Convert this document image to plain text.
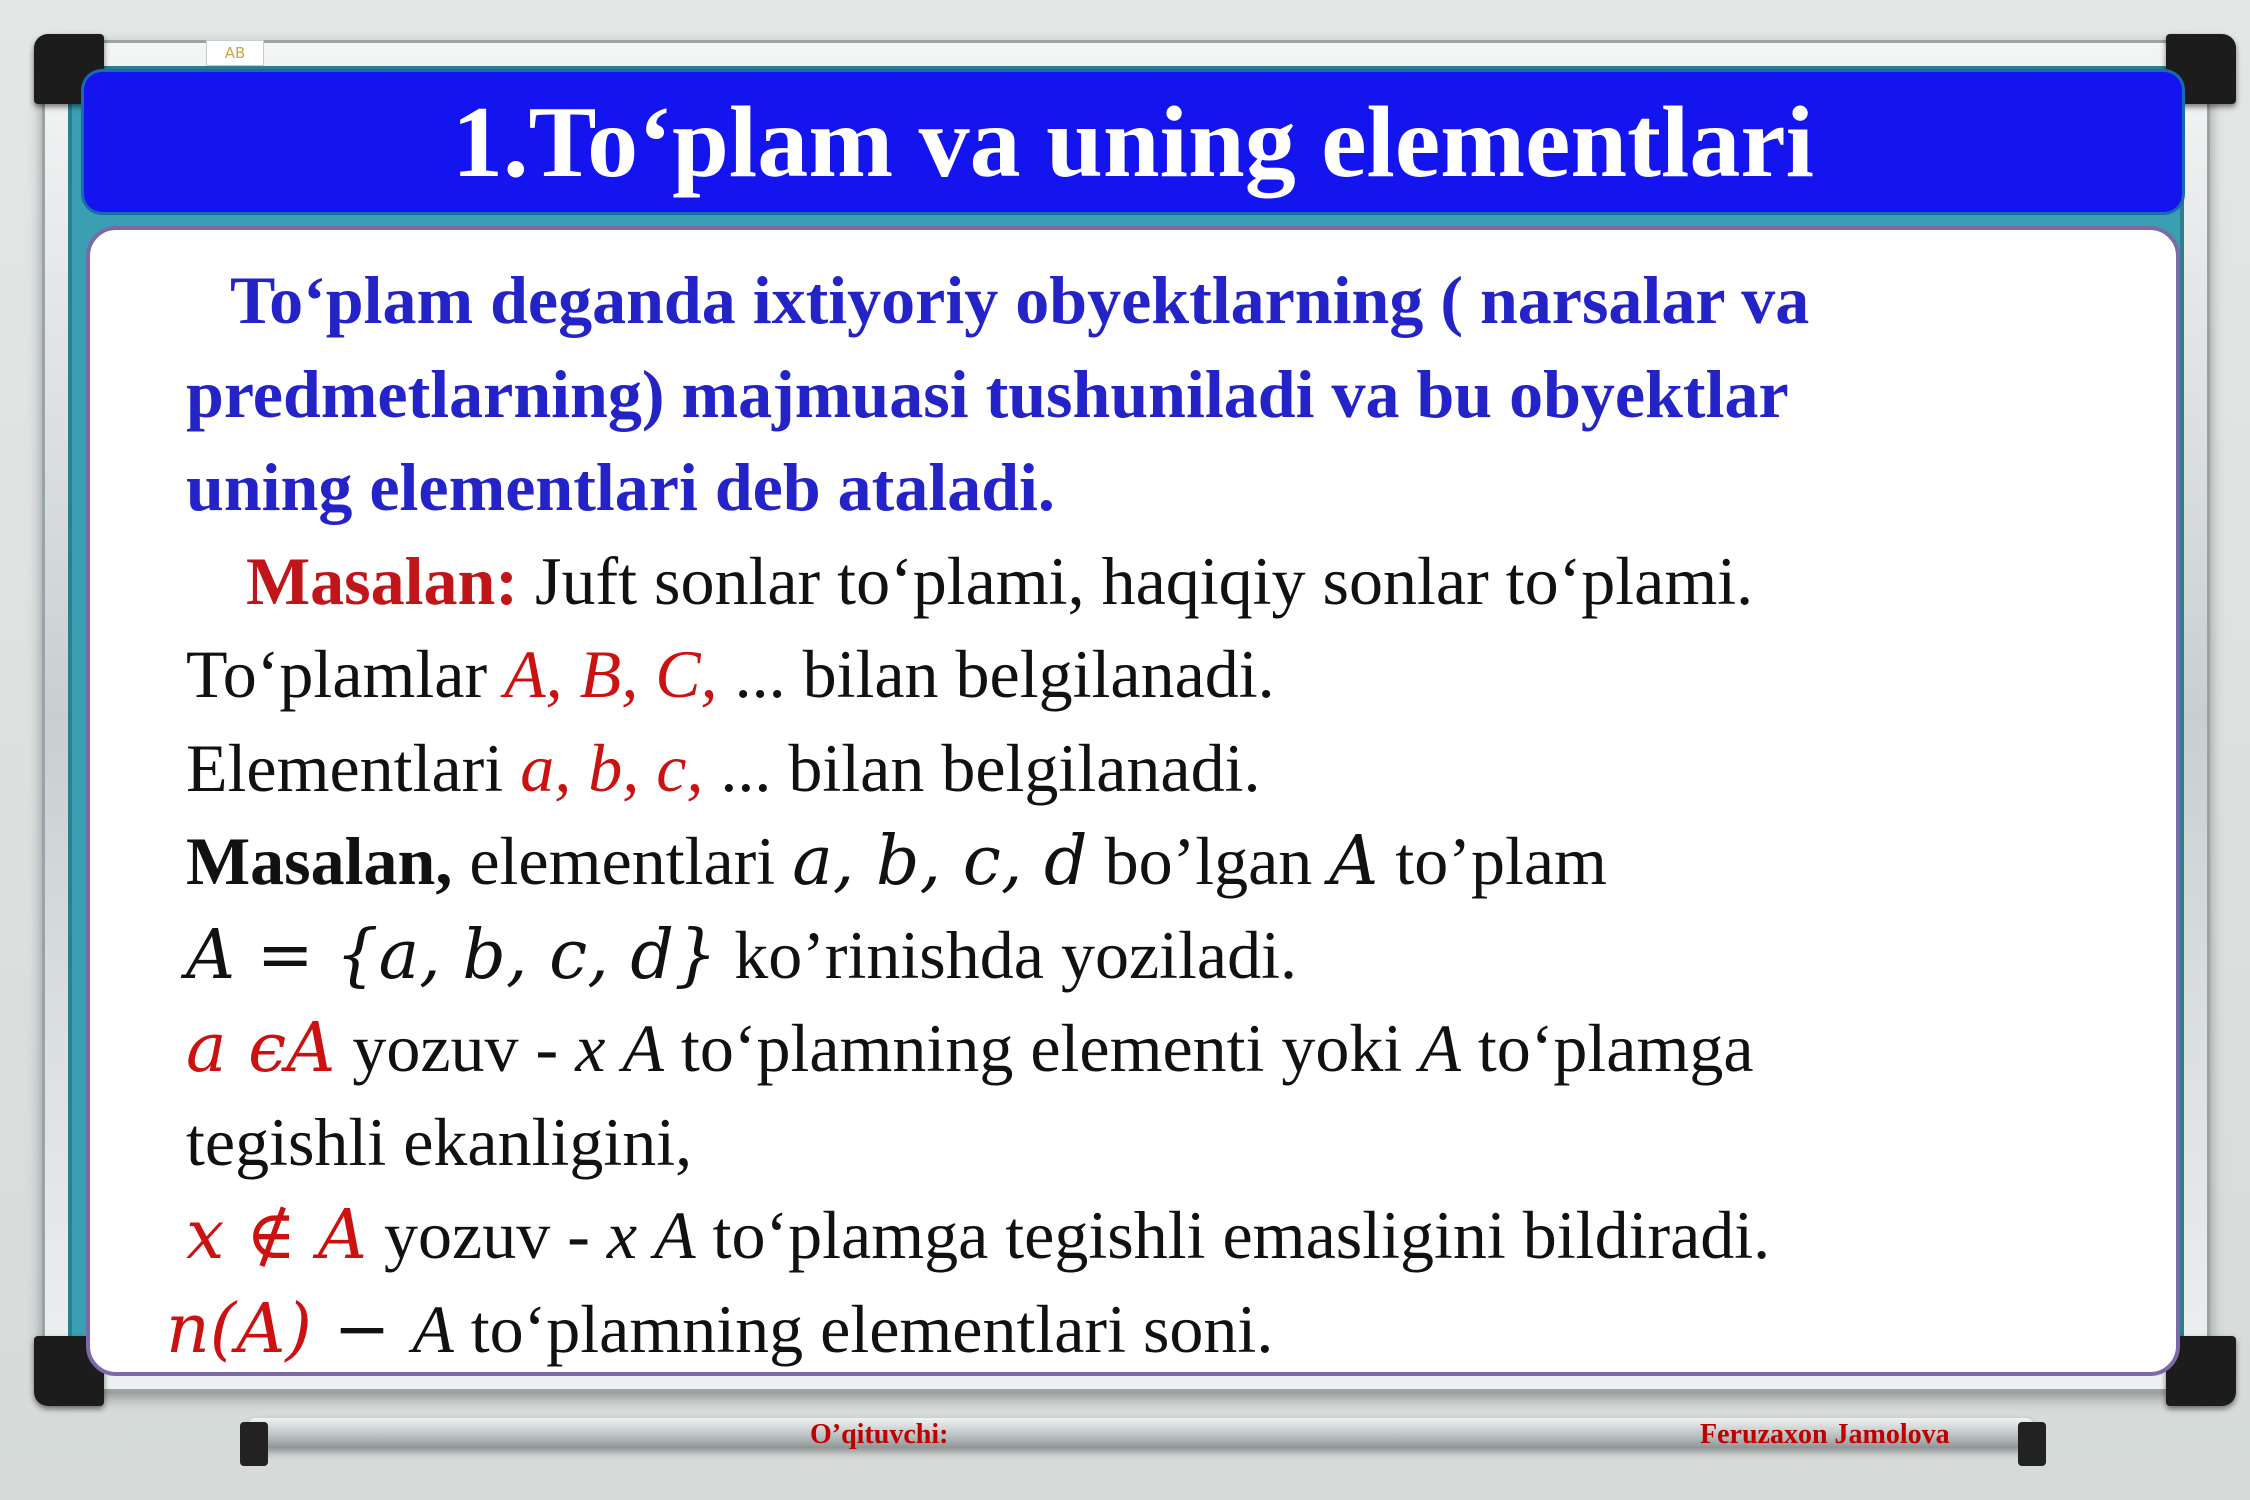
AB
1.To‘plam va uning elementlari
To‘plam deganda ixtiyoriy obyektlarning ( narsalar va
predmetlarning) majmuasi tushuniladi va bu obyektlar
uning elementlari deb ataladi.
Masalan: Juft sonlar to‘plami, haqiqiy sonlar to‘plami.
To‘plamlar A, B, C, ... bilan belgilanadi.
Elementlari a, b, c, ... bilan belgilanadi.
Masalan, elementlari a, b, c, d bo’lgan A to’plam
A = {a, b, c, d} ko’rinishda yoziladi.
a ϵA yozuv - x A to‘plamning elementi yoki A to‘plamga
tegishli ekanligini,
x ∉ A yozuv - x A to‘plamga tegishli emasligini bildiradi.
n(A) − A to‘plamning elementlari soni.
O’qituvchi:	Feruzaxon Jamolova
